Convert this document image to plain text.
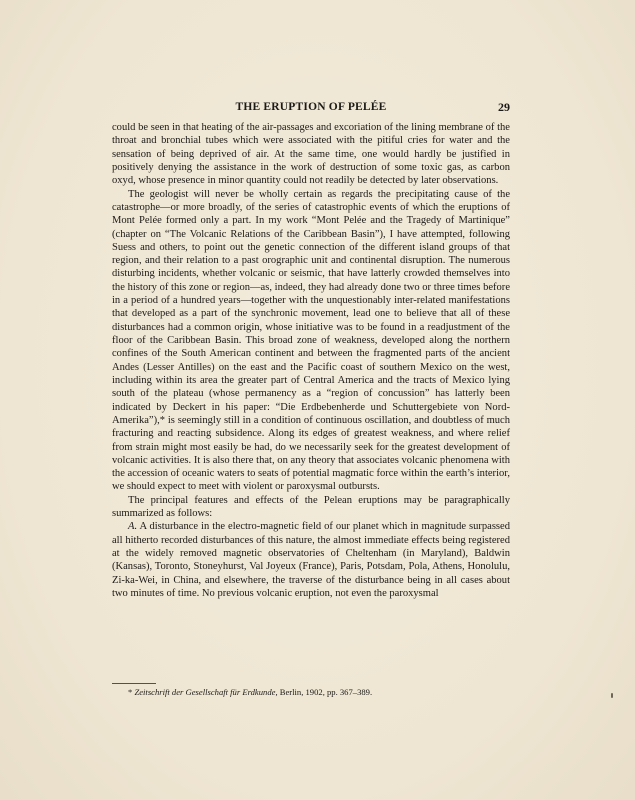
THE ERUPTION OF PELÉE	29

could be seen in that heating of the air-passages and excoriation of the lining membrane of the throat and bronchial tubes which were associated with the pitiful cries for water and the sensation of being deprived of air. At the same time, one would hardly be justified in positively denying the assistance in the work of destruction of some toxic gas, as carbon oxyd, whose presence in minor quantity could not readily be detected by later observations.

The geologist will never be wholly certain as regards the precipitating cause of the catastrophe—or more broadly, of the series of catastrophic events of which the eruptions of Mont Pelée formed only a part. In my work “Mont Pelée and the Tragedy of Martinique” (chapter on “The Volcanic Relations of the Caribbean Basin”), I have attempted, following Suess and others, to point out the genetic connection of the different island groups of that region, and their relation to a past orographic unit and continental disruption. The numerous disturbing incidents, whether volcanic or seismic, that have latterly crowded themselves into the history of this zone or region—as, indeed, they had already done two or three times before in a period of a hundred years—together with the unquestionably inter-related manifestations that developed as a part of the synchronic movement, lead one to believe that all of these disturbances had a common origin, whose initiative was to be found in a readjustment of the floor of the Caribbean Basin. This broad zone of weakness, developed along the northern confines of the South American continent and between the fragmented parts of the ancient Andes (Lesser Antilles) on the east and the Pacific coast of southern Mexico on the west, including within its area the greater part of Central America and the tracts of Mexico lying south of the plateau (whose permanency as a “region of concussion” has latterly been indicated by Deckert in his paper: “Die Erdbebenherde und Schuttergebiete von Nord-Amerika”),* is seemingly still in a condition of continuous oscillation, and doubtless of much fracturing and reacting subsidence. Along its edges of greatest weakness, and where relief from strain might most easily be had, do we necessarily seek for the greatest development of volcanic activities. It is also there that, on any theory that associates volcanic phenomena with the accession of oceanic waters to seats of potential magmatic force within the earth’s interior, we should expect to meet with violent or paroxysmal outbursts.

The principal features and effects of the Pelean eruptions may be paragraphically summarized as follows:

A. A disturbance in the electro-magnetic field of our planet which in magnitude surpassed all hitherto recorded disturbances of this nature, the almost immediate effects being registered at the widely removed magnetic observatories of Cheltenham (in Maryland), Baldwin (Kansas), Toronto, Stoneyhurst, Val Joyeux (France), Paris, Potsdam, Pola, Athens, Honolulu, Zi-ka-Wei, in China, and elsewhere, the traverse of the disturbance being in all cases about two minutes of time. No previous volcanic eruption, not even the paroxysmal

* Zeitschrift der Gesellschaft für Erdkunde, Berlin, 1902, pp. 367–389.
